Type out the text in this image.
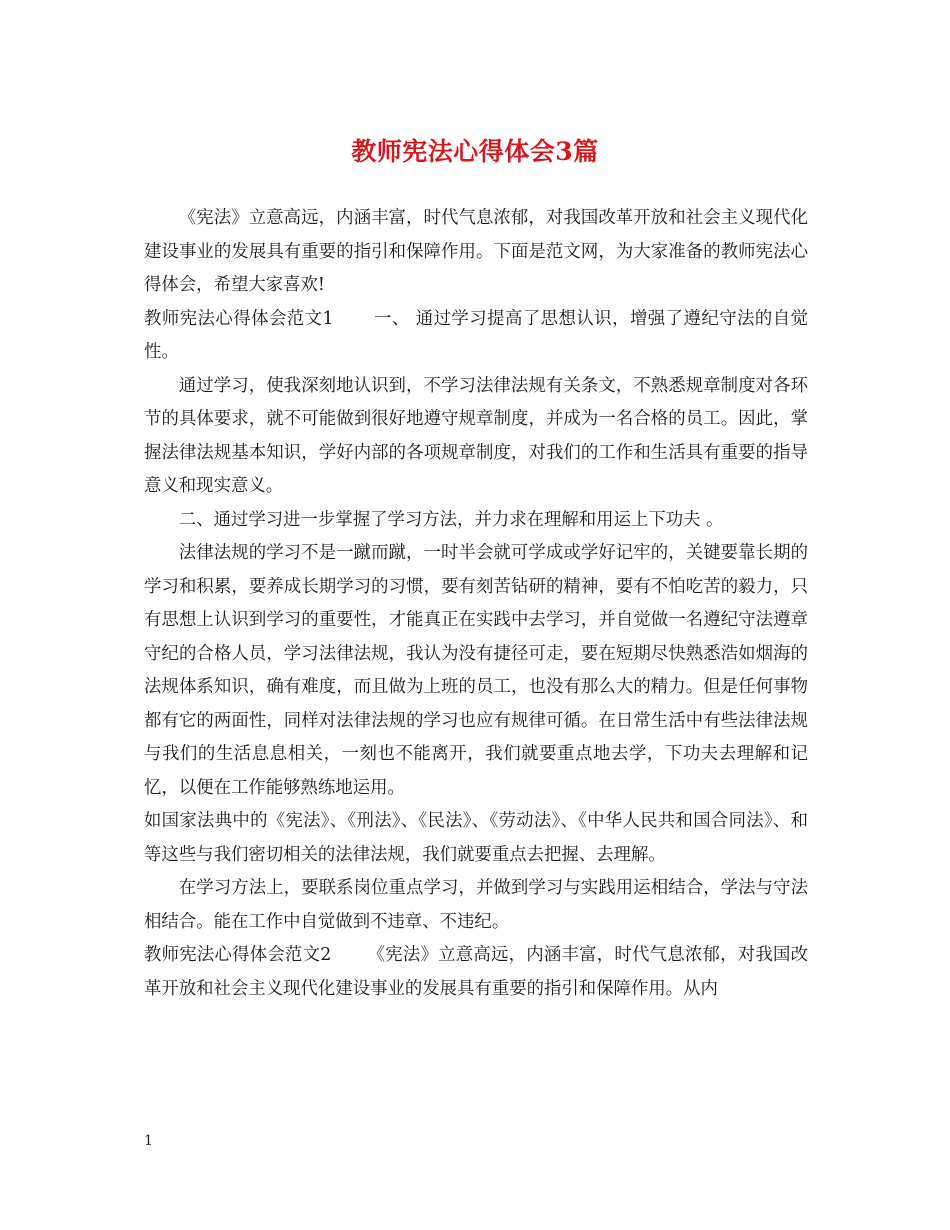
教师宪法心得体会3篇

《宪法》立意高远，内涵丰富，时代气息浓郁，对我国改革开放和社会主义现代化建设事业的发展具有重要的指引和保障作用。下面是范文网，为大家准备的教师宪法心得体会，希望大家喜欢!

教师宪法心得体会范文1 一、 通过学习提高了思想认识，增强了遵纪守法的自觉性。

通过学习，使我深刻地认识到，不学习法律法规有关条文，不熟悉规章制度对各环节的具体要求，就不可能做到很好地遵守规章制度，并成为一名合格的员工。因此，掌握法律法规基本知识，学好内部的各项规章制度，对我们的工作和生活具有重要的指导意义和现实意义。

二、通过学习进一步掌握了学习方法，并力求在理解和用运上下功夫 。

法律法规的学习不是一蹴而蹴，一时半会就可学成或学好记牢的，关键要靠长期的学习和积累，要养成长期学习的习惯，要有刻苦钻研的精神，要有不怕吃苦的毅力，只有思想上认识到学习的重要性，才能真正在实践中去学习，并自觉做一名遵纪守法遵章守纪的合格人员，学习法律法规，我认为没有捷径可走，要在短期尽快熟悉浩如烟海的法规体系知识，确有难度，而且做为上班的员工，也没有那么大的精力。但是任何事物都有它的两面性，同样对法律法规的学习也应有规律可循。在日常生活中有些法律法规与我们的生活息息相关，一刻也不能离开，我们就要重点地去学，下功夫去理解和记忆，以便在工作能够熟练地运用。

如国家法典中的《宪法》、《刑法》、《民法》、《劳动法》、《中华人民共和国合同法》、和等这些与我们密切相关的法律法规，我们就要重点去把握、去理解。

在学习方法上，要联系岗位重点学习，并做到学习与实践用运相结合，学法与守法相结合。能在工作中自觉做到不违章、不违纪。

教师宪法心得体会范文2 《宪法》立意高远，内涵丰富，时代气息浓郁，对我国改革开放和社会主义现代化建设事业的发展具有重要的指引和保障作用。从内

1
